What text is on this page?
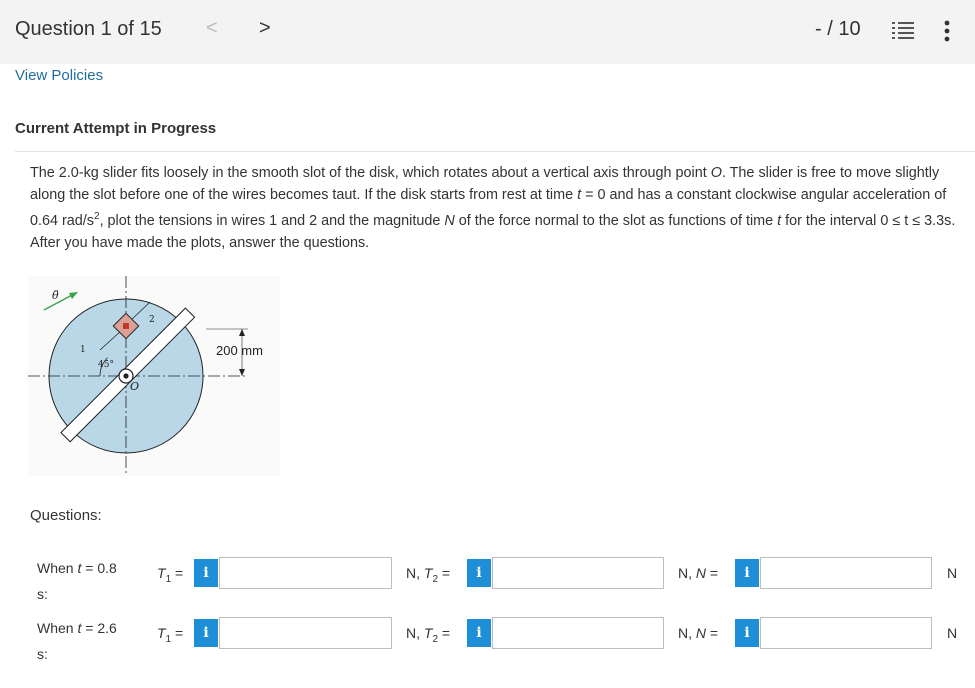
Question 1 of 15 < >	- / 10
View Policies
Current Attempt in Progress
The 2.0-kg slider fits loosely in the smooth slot of the disk, which rotates about a vertical axis through point O. The slider is free to move slightly along the slot before one of the wires becomes taut. If the disk starts from rest at time t = 0 and has a constant clockwise angular acceleration of 0.64 rad/$s^2$, plot the tensions in wires 1 and 2 and the magnitude N of the force normal to the slot as functions of time t for the interval 0 ≤ t ≤ 3.3s. After you have made the plots, answer the questions.
θ̈
1
2
45°
O
200 mm
Questions:
When t = 0.8
s:
$T_1$ =	i	N, $T_2$ =	i	N, N =	i	N
When t = 2.6
s:
$T_1$ =	i	N, $T_2$ =	i	N, N =	i	N
